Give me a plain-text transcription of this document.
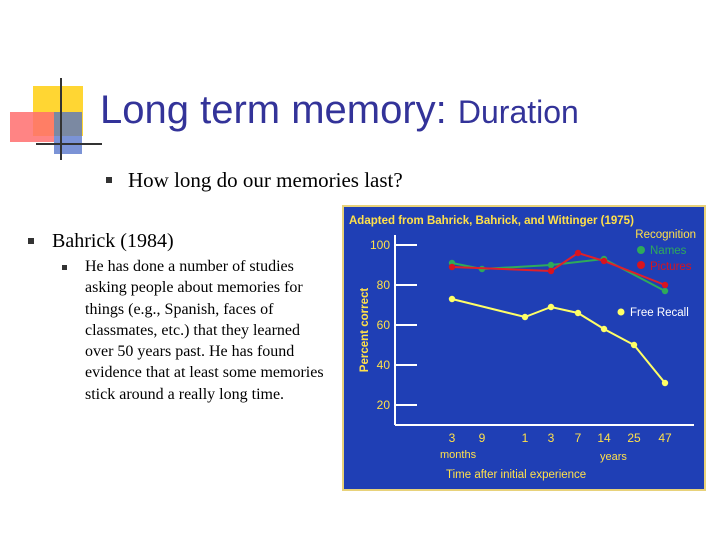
Long term memory: Duration
How long do our memories last?
Bahrick (1984)
He has done a number of studies asking people about memories for things (e.g., Spanish, faces of classmates, etc.) that they learned over 50 years past. He has found evidence that at least some memories stick around a really long time.
Adapted from Bahrick, Bahrick, and Wittinger (1975)
100
80
60
40
20
Percent correct
3 9	1 3 7 14 25 47
months	years
Time after initial experience
Recognition
Names
Pictures
Free Recall
